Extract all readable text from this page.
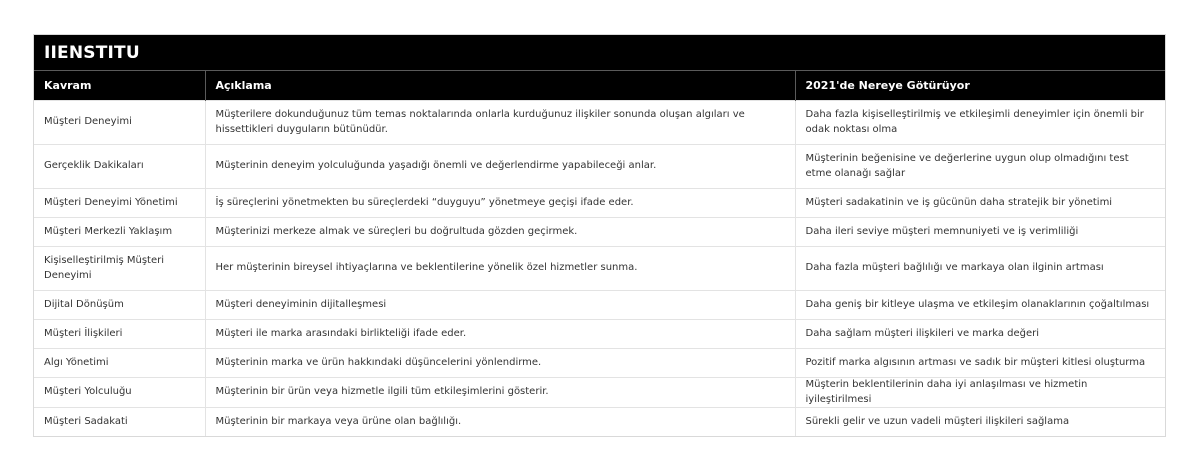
IIENSTITU
Kavram	Açıklama	2021'de Nereye Götürüyor
Müşteri Deneyimi	Müşterilere dokunduğunuz tüm temas noktalarında onlarla kurduğunuz ilişkiler sonunda oluşan algıları ve hissettikleri duyguların bütünüdür.	Daha fazla kişiselleştirilmiş ve etkileşimli deneyimler için önemli bir odak noktası olma
Gerçeklik Dakikaları	Müşterinin deneyim yolculuğunda yaşadığı önemli ve değerlendirme yapabileceği anlar.	Müşterinin beğenisine ve değerlerine uygun olup olmadığını test etme olanağı sağlar
Müşteri Deneyimi Yönetimi	İş süreçlerini yönetmekten bu süreçlerdeki “duyguyu” yönetmeye geçişi ifade eder.	Müşteri sadakatinin ve iş gücünün daha stratejik bir yönetimi
Müşteri Merkezli Yaklaşım	Müşterinizi merkeze almak ve süreçleri bu doğrultuda gözden geçirmek.	Daha ileri seviye müşteri memnuniyeti ve iş verimliliği
Kişiselleştirilmiş Müşteri Deneyimi	Her müşterinin bireysel ihtiyaçlarına ve beklentilerine yönelik özel hizmetler sunma.	Daha fazla müşteri bağlılığı ve markaya olan ilginin artması
Dijital Dönüşüm	Müşteri deneyiminin dijitalleşmesi	Daha geniş bir kitleye ulaşma ve etkileşim olanaklarının çoğaltılması
Müşteri İlişkileri	Müşteri ile marka arasındaki birlikteliği ifade eder.	Daha sağlam müşteri ilişkileri ve marka değeri
Algı Yönetimi	Müşterinin marka ve ürün hakkındaki düşüncelerini yönlendirme.	Pozitif marka algısının artması ve sadık bir müşteri kitlesi oluşturma
Müşteri Yolculuğu	Müşterinin bir ürün veya hizmetle ilgili tüm etkileşimlerini gösterir.	Müşterin beklentilerinin daha iyi anlaşılması ve hizmetin iyileştirilmesi
Müşteri Sadakati	Müşterinin bir markaya veya ürüne olan bağlılığı.	Sürekli gelir ve uzun vadeli müşteri ilişkileri sağlama
